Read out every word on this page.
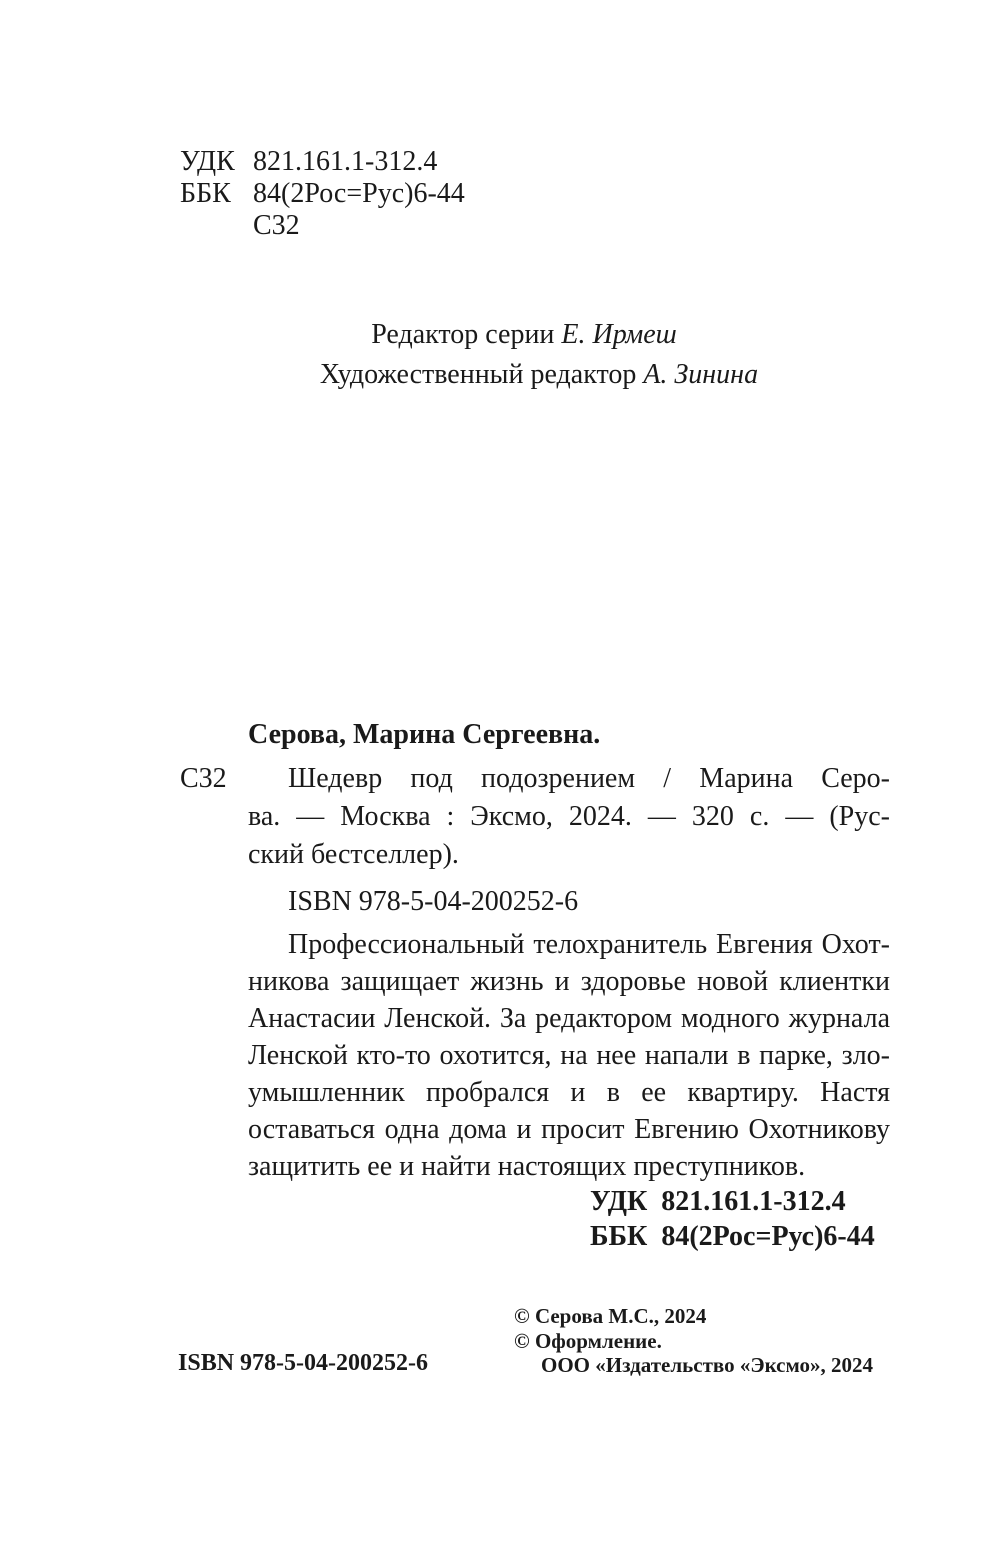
УДК 821.161.1-312.4
ББК 84(2Рос=Рус)6-44
С32
Редактор серии Е. Ирмеш
Художественный редактор А. Зинина
Серова, Марина Сергеевна.
С32 Шедевр под подозрением / Марина Серо-
ва. — Москва : Эксмо, 2024. — 320 с. — (Рус-
ский бестселлер).
ISBN 978-5-04-200252-6
Профессиональный телохранитель Евгения Охот-
никова защищает жизнь и здоровье новой клиентки
Анастасии Ленской. За редактором модного журнала
Ленской кто-то охотится, на нее напали в парке, зло-
умышленник пробрался и в ее квартиру. Настя
оставаться одна дома и просит Евгению Охотникову
защитить ее и найти настоящих преступников.
УДК 821.161.1-312.4
ББК 84(2Рос=Рус)6-44
© Серова М.С., 2024
© Оформление.
ООО «Издательство «Эксмо», 2024
ISBN 978-5-04-200252-6
